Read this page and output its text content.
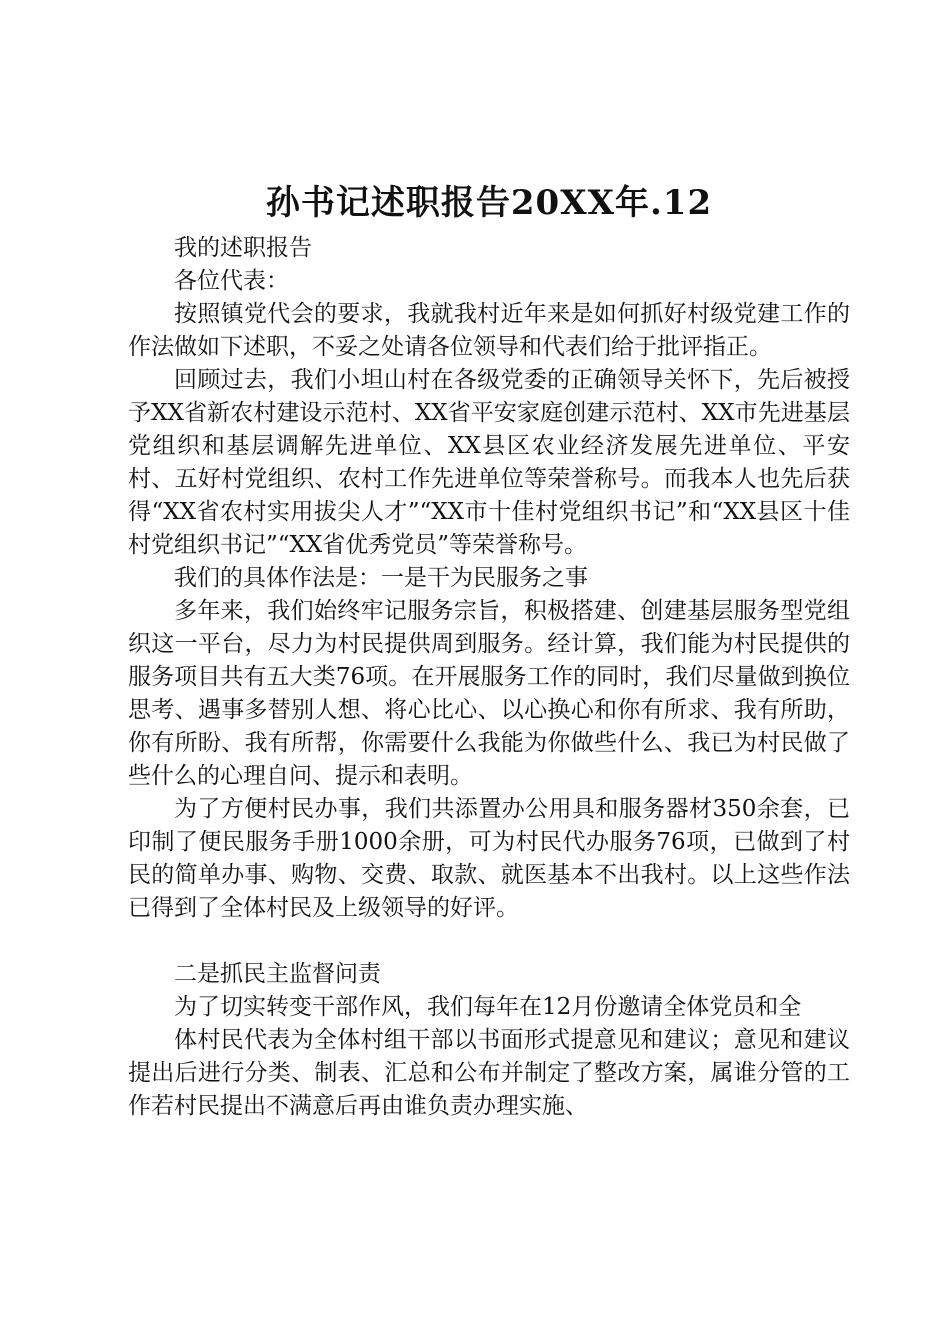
孙书记述职报告20XX年.12

我的述职报告

各位代表：

按照镇党代会的要求，我就我村近年来是如何抓好村级党建工作的作法做如下述职，不妥之处请各位领导和代表们给于批评指正。

回顾过去，我们小坦山村在各级党委的正确领导关怀下，先后被授予XX省新农村建设示范村、XX省平安家庭创建示范村、XX市先进基层党组织和基层调解先进单位、XX县区农业经济发展先进单位、平安村、五好村党组织、农村工作先进单位等荣誉称号。而我本人也先后获得“XX省农村实用拔尖人才”“XX市十佳村党组织书记”和“XX县区十佳村党组织书记”“XX省优秀党员”等荣誉称号。

我们的具体作法是：一是干为民服务之事

多年来，我们始终牢记服务宗旨，积极搭建、创建基层服务型党组织这一平台，尽力为村民提供周到服务。经计算，我们能为村民提供的服务项目共有五大类76项。在开展服务工作的同时，我们尽量做到换位思考、遇事多替别人想、将心比心、以心换心和你有所求、我有所助，你有所盼、我有所帮，你需要什么我能为你做些什么、我已为村民做了些什么的心理自问、提示和表明。

为了方便村民办事，我们共添置办公用具和服务器材350余套，已印制了便民服务手册1000余册，可为村民代办服务76项，已做到了村民的简单办事、购物、交费、取款、就医基本不出我村。以上这些作法已得到了全体村民及上级领导的好评。

二是抓民主监督问责

为了切实转变干部作风，我们每年在12月份邀请全体党员和全

体村民代表为全体村组干部以书面形式提意见和建议；意见和建议提出后进行分类、制表、汇总和公布并制定了整改方案，属谁分管的工作若村民提出不满意后再由谁负责办理实施、
